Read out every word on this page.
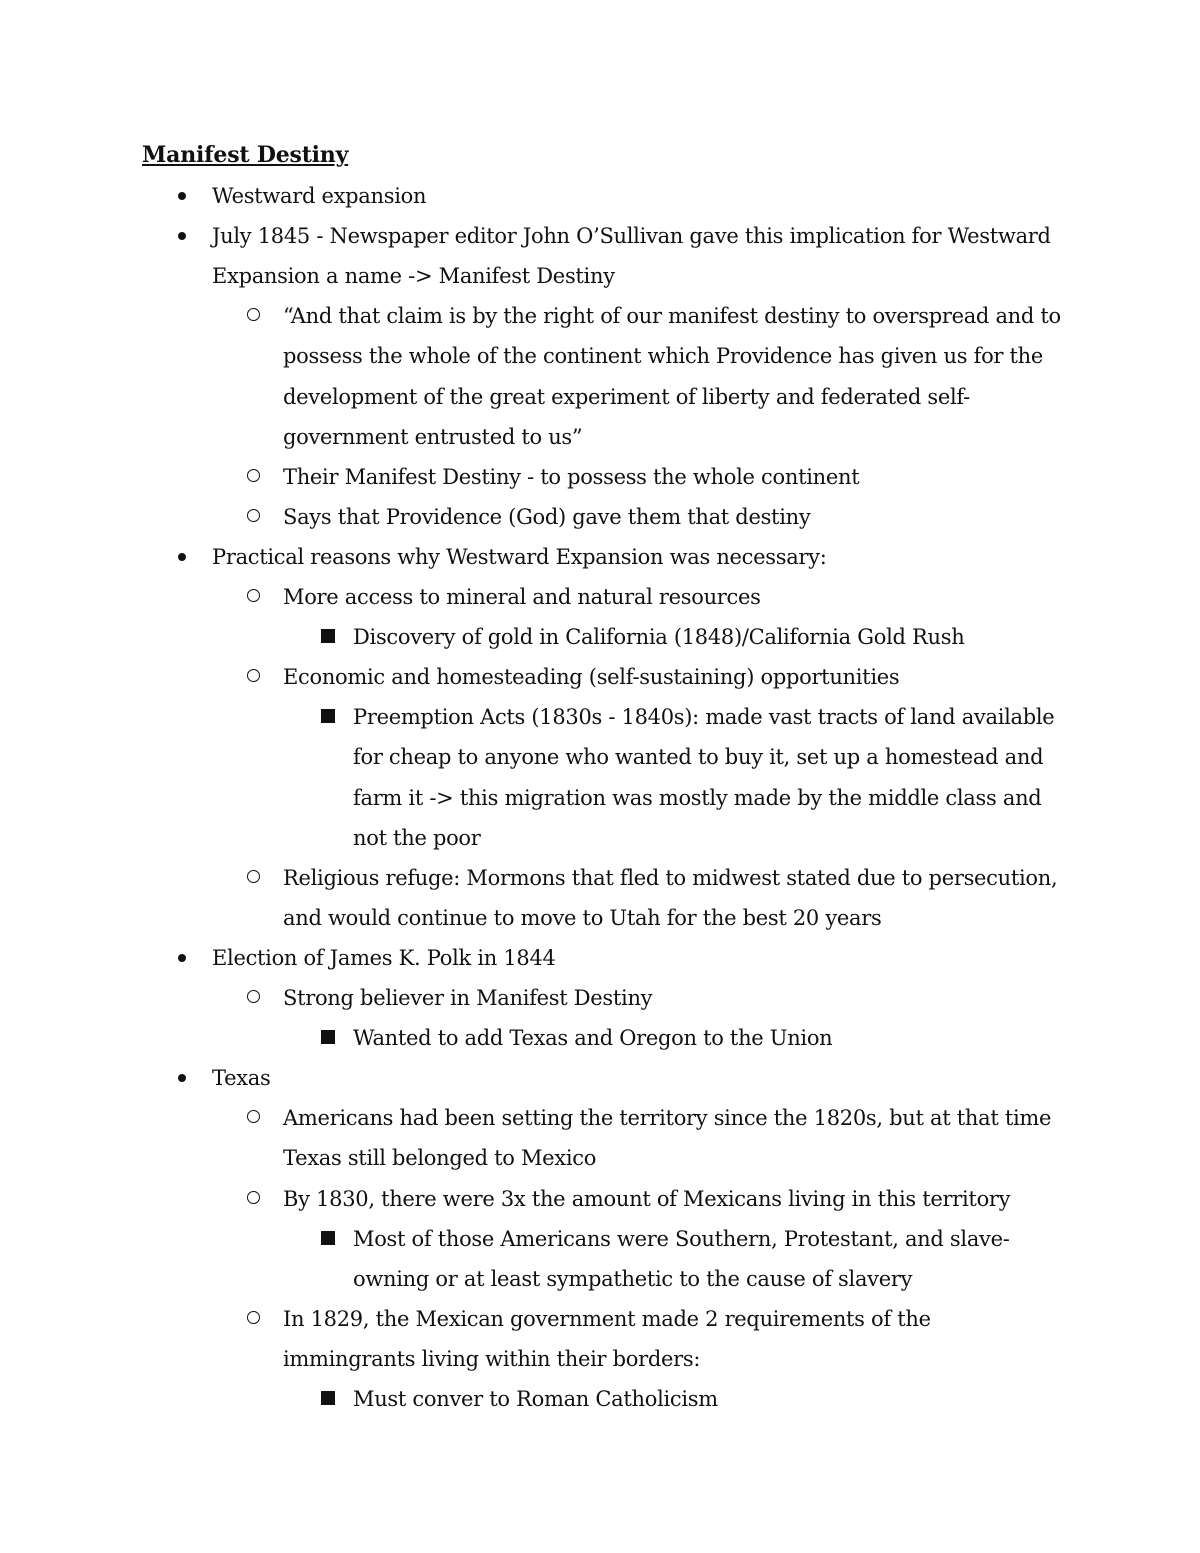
Manifest Destiny
Westward expansion
July 1845 - Newspaper editor John O’Sullivan gave this implication for Westward
Expansion a name -> Manifest Destiny
“And that claim is by the right of our manifest destiny to overspread and to
possess the whole of the continent which Providence has given us for the
development of the great experiment of liberty and federated self-
government entrusted to us”
Their Manifest Destiny - to possess the whole continent
Says that Providence (God) gave them that destiny
Practical reasons why Westward Expansion was necessary:
More access to mineral and natural resources
Discovery of gold in California (1848)/California Gold Rush
Economic and homesteading (self-sustaining) opportunities
Preemption Acts (1830s - 1840s): made vast tracts of land available
for cheap to anyone who wanted to buy it, set up a homestead and
farm it -> this migration was mostly made by the middle class and
not the poor
Religious refuge: Mormons that fled to midwest stated due to persecution,
and would continue to move to Utah for the best 20 years
Election of James K. Polk in 1844
Strong believer in Manifest Destiny
Wanted to add Texas and Oregon to the Union
Texas
Americans had been setting the territory since the 1820s, but at that time
Texas still belonged to Mexico
By 1830, there were 3x the amount of Mexicans living in this territory
Most of those Americans were Southern, Protestant, and slave-
owning or at least sympathetic to the cause of slavery
In 1829, the Mexican government made 2 requirements of the
immingrants living within their borders:
Must conver to Roman Catholicism
